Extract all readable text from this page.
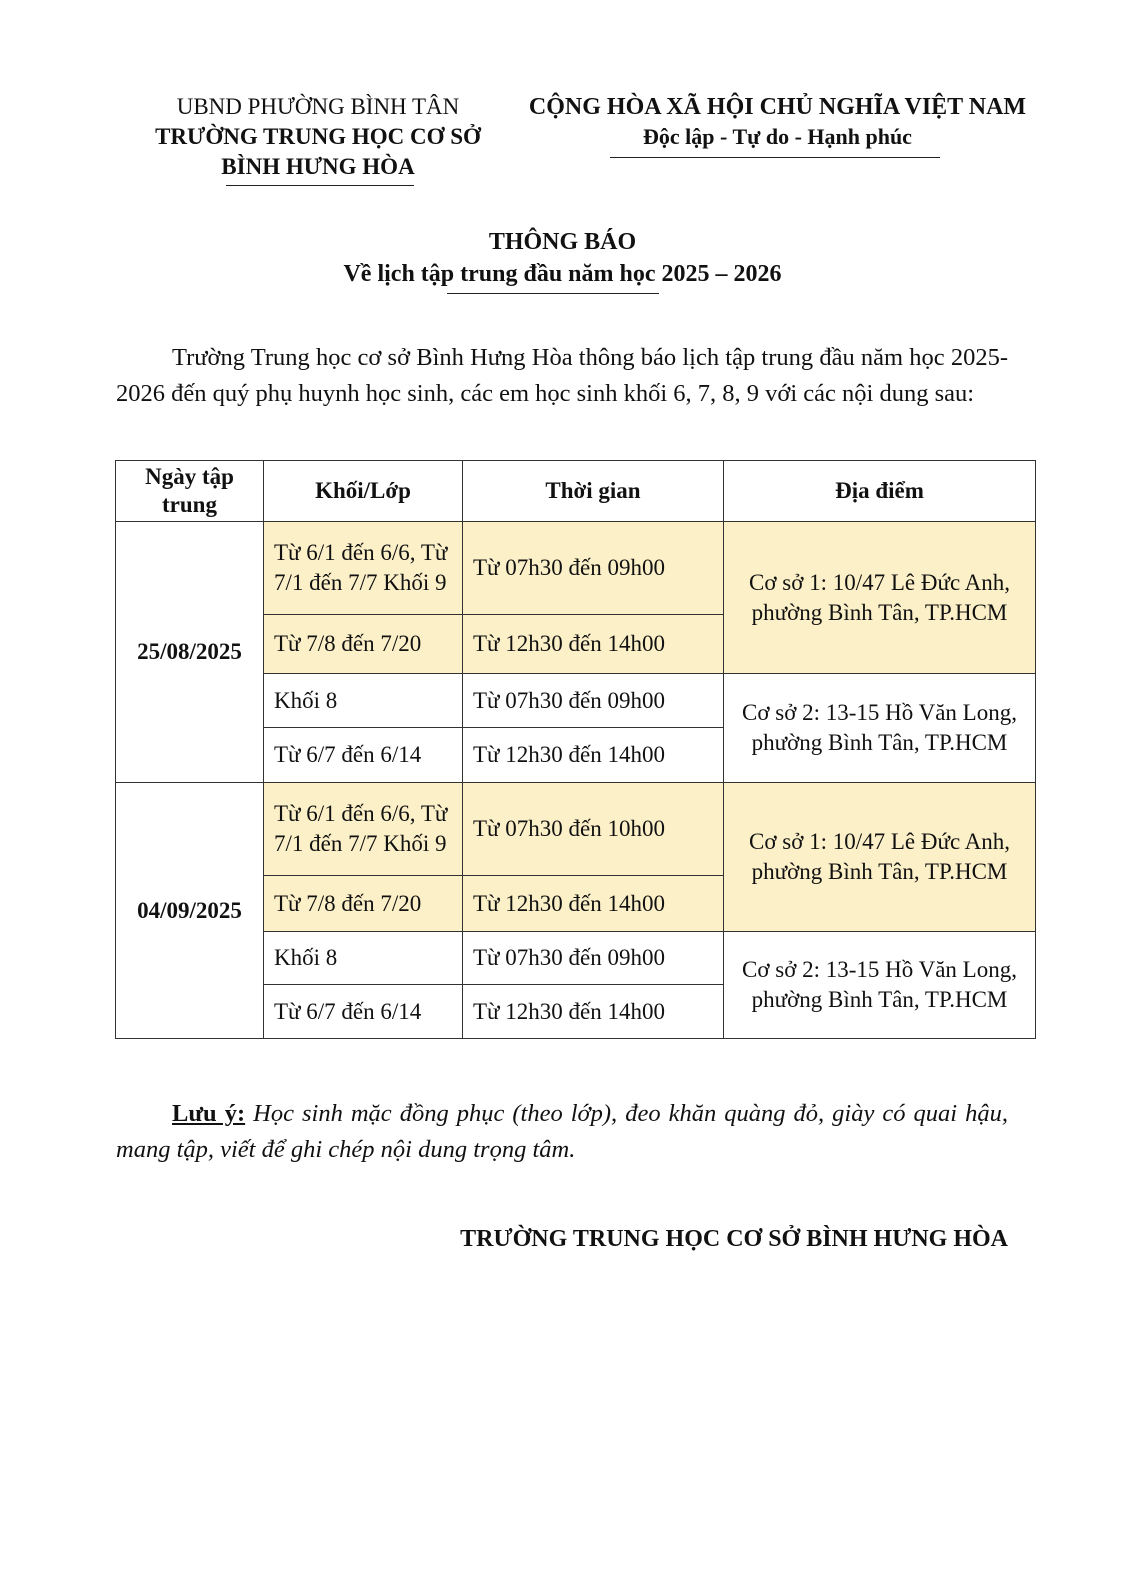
UBND PHƯỜNG BÌNH TÂN
TRƯỜNG TRUNG HỌC CƠ SỞ
BÌNH HƯNG HÒA
CỘNG HÒA XÃ HỘI CHỦ NGHĨA VIỆT NAM
Độc lập - Tự do - Hạnh phúc
THÔNG BÁO
Về lịch tập trung đầu năm học 2025 – 2026
Trường Trung học cơ sở Bình Hưng Hòa thông báo lịch tập trung đầu năm học 2025-2026 đến quý phụ huynh học sinh, các em học sinh khối 6, 7, 8, 9 với các nội dung sau:
Ngày tập trung	Khối/Lớp	Thời gian	Địa điểm
25/08/2025	Từ 6/1 đến 6/6, Từ 7/1 đến 7/7 Khối 9	Từ 07h30 đến 09h00	Cơ sở 1: 10/47 Lê Đức Anh, phường Bình Tân, TP.HCM
	Từ 7/8 đến 7/20	Từ 12h30 đến 14h00	
	Khối 8	Từ 07h30 đến 09h00	Cơ sở 2: 13-15 Hồ Văn Long, phường Bình Tân, TP.HCM
	Từ 6/7 đến 6/14	Từ 12h30 đến 14h00	
04/09/2025	Từ 6/1 đến 6/6, Từ 7/1 đến 7/7 Khối 9	Từ 07h30 đến 10h00	Cơ sở 1: 10/47 Lê Đức Anh, phường Bình Tân, TP.HCM
	Từ 7/8 đến 7/20	Từ 12h30 đến 14h00	
	Khối 8	Từ 07h30 đến 09h00	Cơ sở 2: 13-15 Hồ Văn Long, phường Bình Tân, TP.HCM
	Từ 6/7 đến 6/14	Từ 12h30 đến 14h00	
Lưu ý: Học sinh mặc đồng phục (theo lớp), đeo khăn quàng đỏ, giày có quai hậu, mang tập, viết để ghi chép nội dung trọng tâm.
TRƯỜNG TRUNG HỌC CƠ SỞ BÌNH HƯNG HÒA
